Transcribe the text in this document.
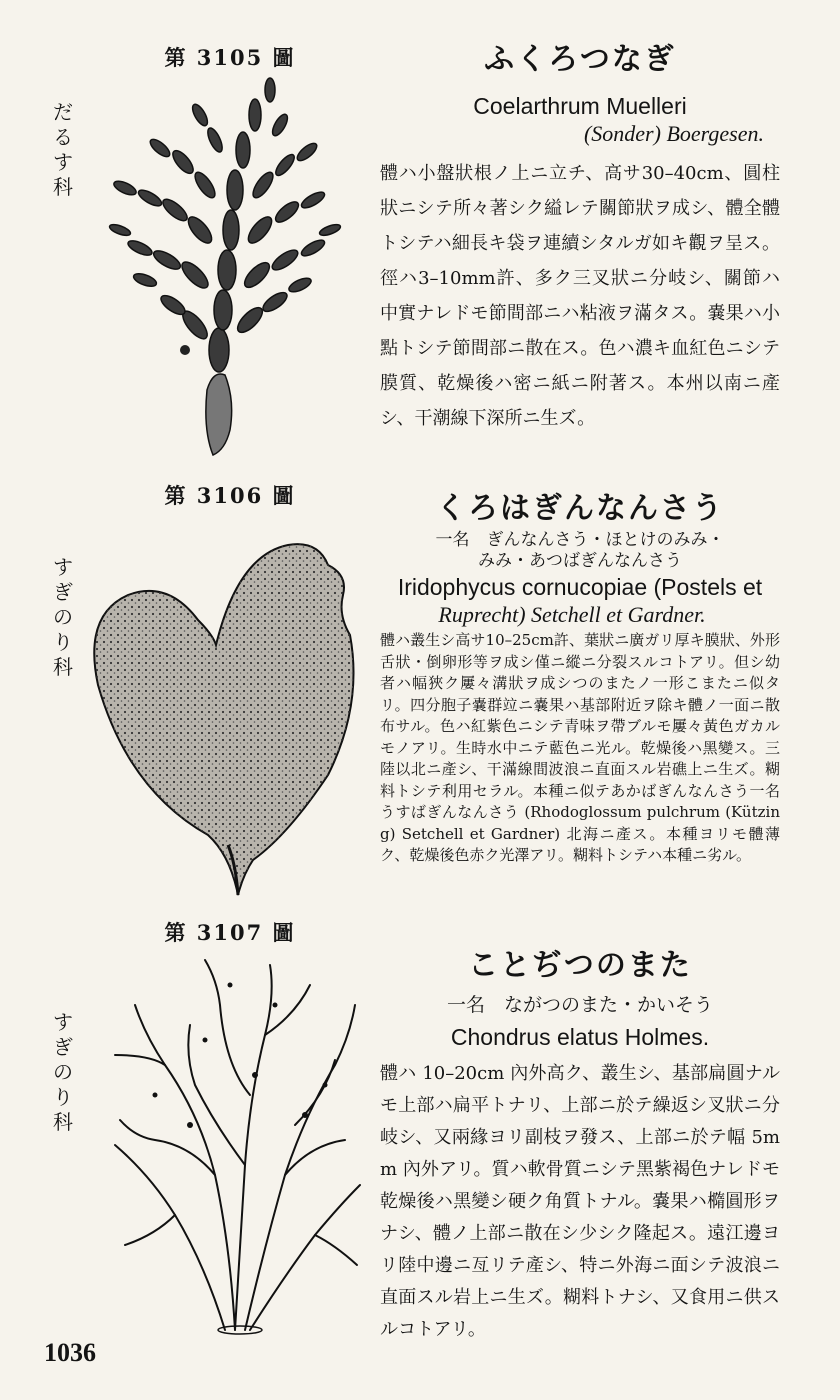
第 3105 圖
だるす科
ふくろつなぎ
Coelarthrum Muelleri
(Sonder) Boergesen.
體ハ小盤狀根ノ上ニ立チ、高サ30–40cm、圓柱狀ニシテ所々著シク縊レテ關節狀ヲ成シ、體全體トシテハ細長キ袋ヲ連續シタルガ如キ觀ヲ呈ス。徑ハ3–10mm許、多ク三叉狀ニ分岐シ、關節ハ中實ナレドモ節間部ニハ粘液ヲ滿タス。嚢果ハ小點トシテ節間部ニ散在ス。色ハ濃キ血紅色ニシテ膜質、乾燥後ハ密ニ紙ニ附著ス。本州以南ニ產シ、干潮線下深所ニ生ズ。
第 3106 圖
すぎのり科
くろはぎんなんさう
一名　ぎんなんさう・ほとけのみみ・
みみ・あつばぎんなんさう
Iridophycus cornucopiae (Postels et
Ruprecht) Setchell et Gardner.
體ハ叢生シ高サ10–25cm許、葉狀ニ廣ガリ厚キ膜狀、外形舌狀・倒卵形等ヲ成シ僅ニ縱ニ分裂スルコトアリ。但シ幼者ハ幅狹ク屢々溝狀ヲ成シつのまたノ一形こまたニ似タリ。四分胞子嚢群竝ニ嚢果ハ基部附近ヲ除キ體ノ一面ニ散布サル。色ハ紅紫色ニシテ青味ヲ帶ブルモ屢々黃色ガカルモノアリ。生時水中ニテ藍色ニ光ル。乾燥後ハ黑變ス。三陸以北ニ產シ、干滿線間波浪ニ直面スル岩礁上ニ生ズ。糊料トシテ利用セラル。本種ニ似テあかばぎんなんさう一名うすばぎんなんさう (Rhodoglossum pulchrum (Kützing) Setchell et Gardner) 北海ニ產ス。本種ヨリモ體薄ク、乾燥後色赤ク光澤アリ。糊料トシテハ本種ニ劣ル。
第 3107 圖
すぎのり科
ことぢつのまた
一名　ながつのまた・かいそう
Chondrus elatus Holmes.
體ハ 10–20cm 內外高ク、叢生シ、基部扁圓ナルモ上部ハ扁平トナリ、上部ニ於テ繰返シ叉狀ニ分岐シ、又兩緣ヨリ副枝ヲ發ス、上部ニ於テ幅 5mm 內外アリ。質ハ軟骨質ニシテ黑紫褐色ナレドモ乾燥後ハ黑變シ硬ク角質トナル。嚢果ハ橢圓形ヲナシ、體ノ上部ニ散在シ少シク隆起ス。遠江邊ヨリ陸中邊ニ亙リテ產シ、特ニ外海ニ面シテ波浪ニ直面スル岩上ニ生ズ。糊料トナシ、又食用ニ供スルコトアリ。
1036
